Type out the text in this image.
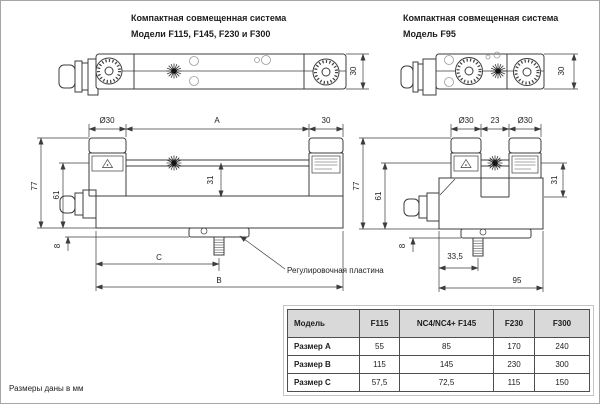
Компактная совмещенная система
Модели F115, F145, F230 и F300
Компактная совмещенная система
Модель F95
30	30
Ø30	A	30
77
61
31
8
C
B
Регулировочная пластина
Ø30 23 Ø30
77
61
31
8
33,5
95
Модель	F115	NC4/NC4+ F145	F230	F300
Размер A	55	85	170	240
Размер B	115	145	230	300
Размер C	57,5	72,5	115	150
Размеры даны в мм
